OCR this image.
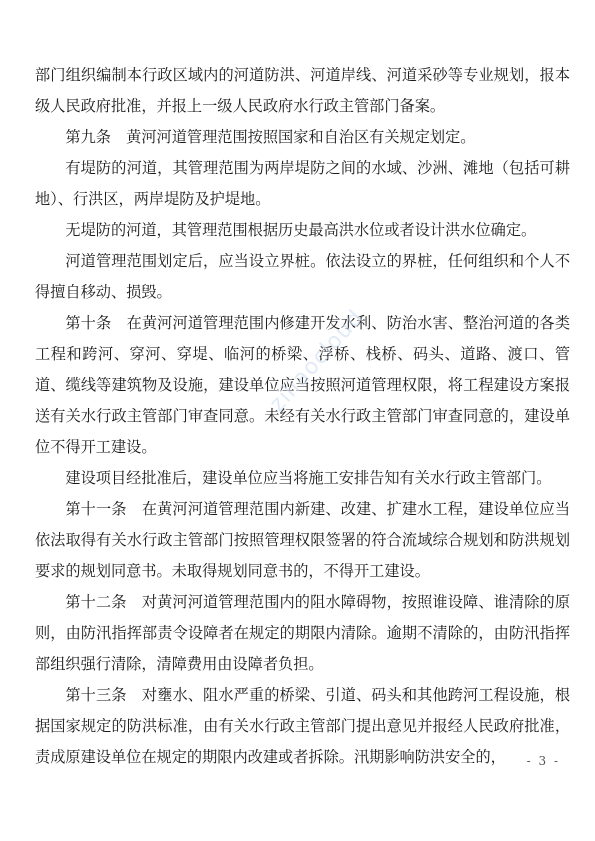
部门组织编制本行政区域内的河道防洪、河道岸线、河道采砂等专业规划，报本级人民政府批准，并报上一级人民政府水行政主管部门备案。

第九条　黄河河道管理范围按照国家和自治区有关规定划定。

有堤防的河道，其管理范围为两岸堤防之间的水域、沙洲、滩地（包括可耕地）、行洪区，两岸堤防及护堤地。

无堤防的河道，其管理范围根据历史最高洪水位或者设计洪水位确定。

河道管理范围划定后，应当设立界桩。依法设立的界桩，任何组织和个人不得擅自移动、损毁。

第十条　在黄河河道管理范围内修建开发水利、防治水害、整治河道的各类工程和跨河、穿河、穿堤、临河的桥梁、浮桥、栈桥、码头、道路、渡口、管道、缆线等建筑物及设施，建设单位应当按照河道管理权限，将工程建设方案报送有关水行政主管部门审查同意。未经有关水行政主管部门审查同意的，建设单位不得开工建设。

建设项目经批准后，建设单位应当将施工安排告知有关水行政主管部门。

第十一条　在黄河河道管理范围内新建、改建、扩建水工程，建设单位应当依法取得有关水行政主管部门按照管理权限签署的符合流域综合规划和防洪规划要求的规划同意书。未取得规划同意书的，不得开工建设。

第十二条　对黄河河道管理范围内的阻水障碍物，按照谁设障、谁清除的原则，由防汛指挥部责令设障者在规定的期限内清除。逾期不清除的，由防汛指挥部组织强行清除，清障费用由设障者负担。

第十三条　对壅水、阻水严重的桥梁、引道、码头和其他跨河工程设施，根据国家规定的防洪标准，由有关水行政主管部门提出意见并报经人民政府批准，责成原建设单位在规定的期限内改建或者拆除。汛期影响防洪安全的，

ziliaocloud
- 3 -
